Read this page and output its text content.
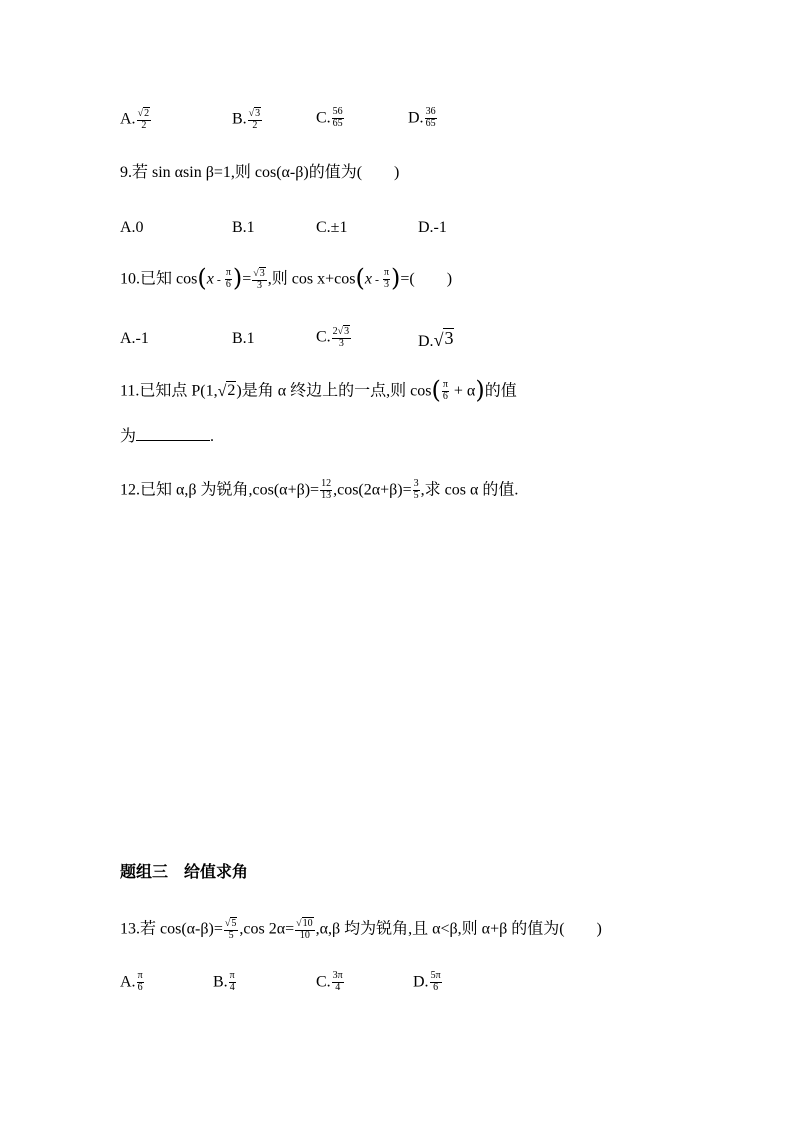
A. $\frac{√ 2}{2}$	B. $\frac{√ 3}{2}$	C. $\frac{56}{65}$	D. $\frac{36}{65}$
9.若 sin αsin β=1,则 cos(α-β)的值为(　　)
A.0	B.1	C.±1	D.-1
10.已知 $\cos(x - \frac{\pi}{6}$ )= $\frac{√ 3}{3}$ ,则 $\cos x+\cos(x - \frac{\pi}{3}$ )=(　　)
A.-1	B.1	C. $\frac{2 √ 3}{3}$	D. √ 3
11.已知点 P(1, √ 2 )是角 α 终边上的一点,则 $\cos( \frac{\pi}{6} + \alpha)$的值
为	.
12.已知 α,β 为锐角$,\cos(\alpha+\beta)= \frac{12}{13} ,\cos(2\alpha+\beta)= \frac{3}{5}$ ,求 cos α 的值.
题组三　给值求角
13.若 $\cos(\alpha-\beta)= \frac{√ 5}{5} ,\cos$ $2\alpha= \frac{√ 10}{10} ,\alpha,\beta$ 均为锐角,且 α<β,则 α+β 的值为(　　)
A. $\frac{\pi}{6}$	B. $\frac{\pi}{4}$	C. $\frac{3\pi}{4}$	D. $\frac{5\pi}{6}$
